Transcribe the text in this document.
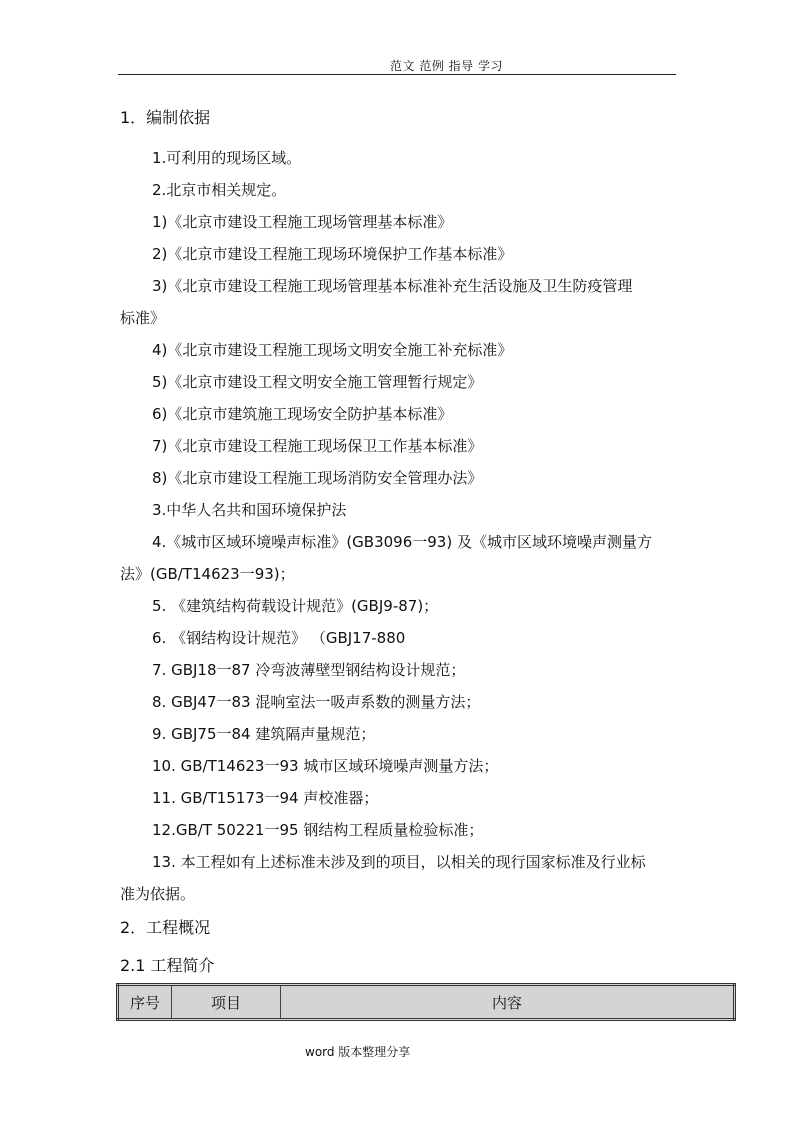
范文 范例 指导 学习
1．编制依据
1.可利用的现场区域。
2.北京市相关规定。
1)《北京市建设工程施工现场管理基本标准》
2)《北京市建设工程施工现场环境保护工作基本标准》
3)《北京市建设工程施工现场管理基本标准补充生活设施及卫生防疫管理
标准》
4)《北京市建设工程施工现场文明安全施工补充标准》
5)《北京市建设工程文明安全施工管理暂行规定》
6)《北京市建筑施工现场安全防护基本标准》
7)《北京市建设工程施工现场保卫工作基本标准》
8)《北京市建设工程施工现场消防安全管理办法》
3.中华人名共和国环境保护法
4.《城市区域环境噪声标准》(GB3096一93) 及《城市区域环境噪声测量方
法》(GB/T14623一93)；
5. 《建筑结构荷载设计规范》(GBJ9-87)；
6. 《钢结构设计规范》 （GBJ17-880
7. GBJ18一87 冷弯波薄壁型钢结构设计规范；
8. GBJ47一83 混响室法一吸声系数的测量方法；
9. GBJ75一84 建筑隔声量规范；
10. GB/T14623一93 城市区域环境噪声测量方法；
11. GB/T15173一94 声校准器；
12.GB/T 50221一95 钢结构工程质量检验标准；
13. 本工程如有上述标准未涉及到的项目，以相关的现行国家标准及行业标
准为依据。
2．工程概况
2.1 工程简介
序号	项目	内容
word 版本整理分享
